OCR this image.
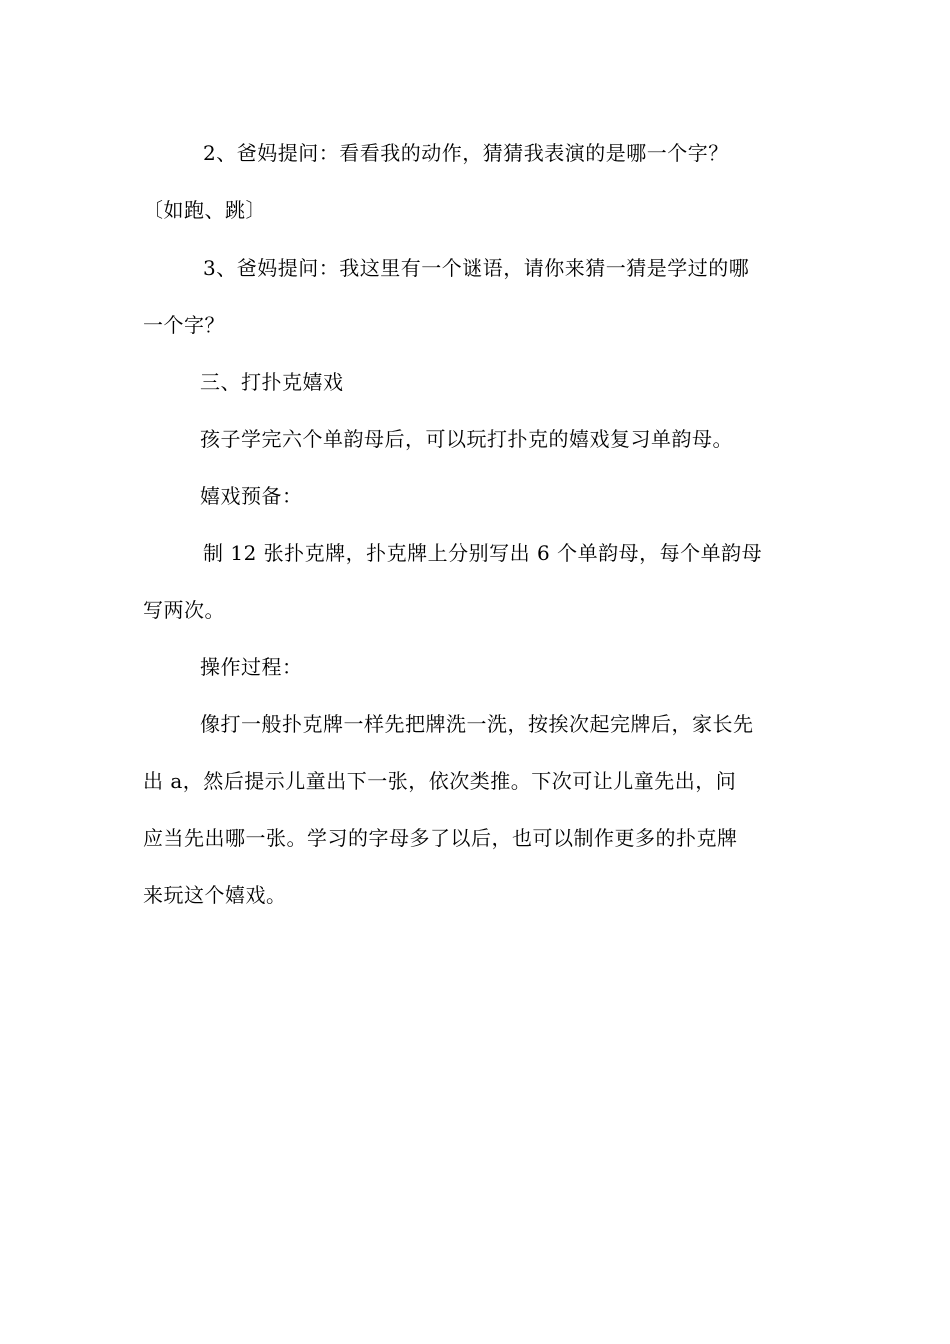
2、爸妈提问：看看我的动作，猜猜我表演的是哪一个字？
〔如跑、跳〕
3、爸妈提问：我这里有一个谜语，请你来猜一猜是学过的哪
一个字？
三、打扑克嬉戏
孩子学完六个单韵母后，可以玩打扑克的嬉戏复习单韵母。
嬉戏预备：
制 12 张扑克牌，扑克牌上分别写出 6 个单韵母，每个单韵母
写两次。
操作过程：
像打一般扑克牌一样先把牌洗一洗，按挨次起完牌后，家长先
出 a，然后提示儿童出下一张，依次类推。下次可让儿童先出，问
应当先出哪一张。学习的字母多了以后，也可以制作更多的扑克牌
来玩这个嬉戏。
